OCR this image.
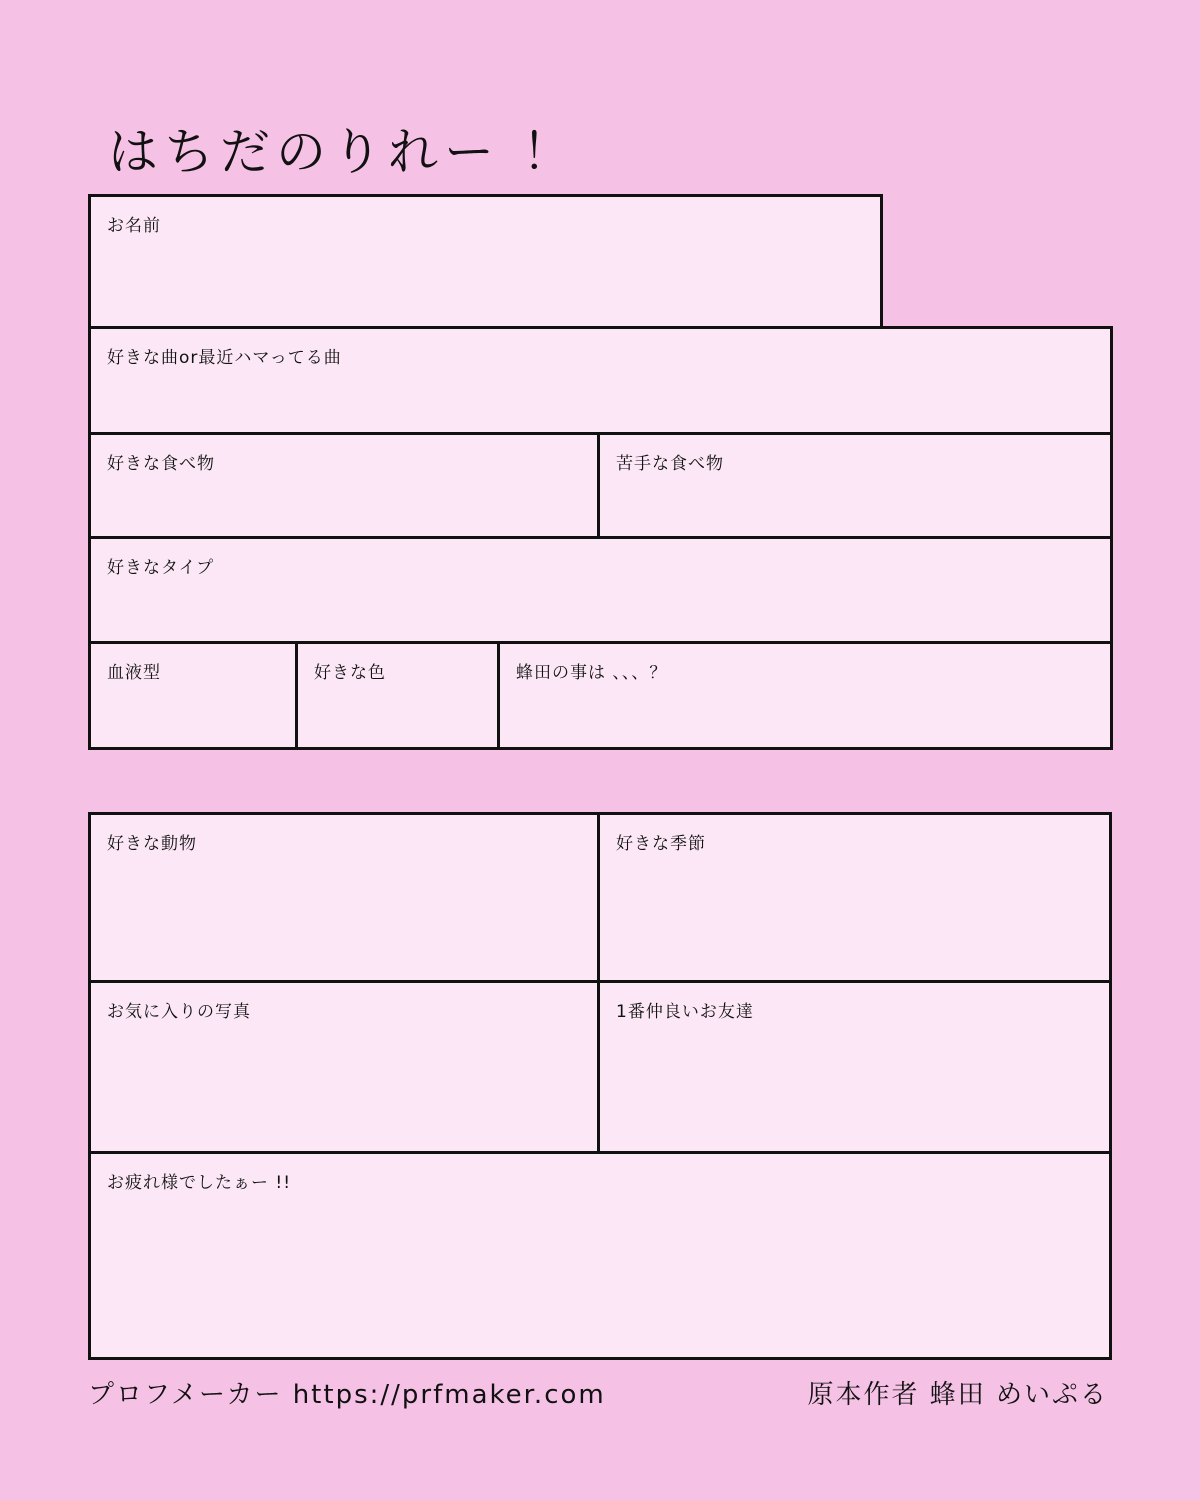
はちだのりれー ！
お名前
好きな曲or最近ハマってる曲
好きな食べ物	苦手な食べ物
好きなタイプ
血液型	好きな色	蜂田の事は 、、、？
好きな動物	好きな季節
お気に入りの写真	1番仲良いお友達
お疲れ様でしたぁー !!
プロフメーカー https://prfmaker.com	原本作者 蜂田 めいぷる
